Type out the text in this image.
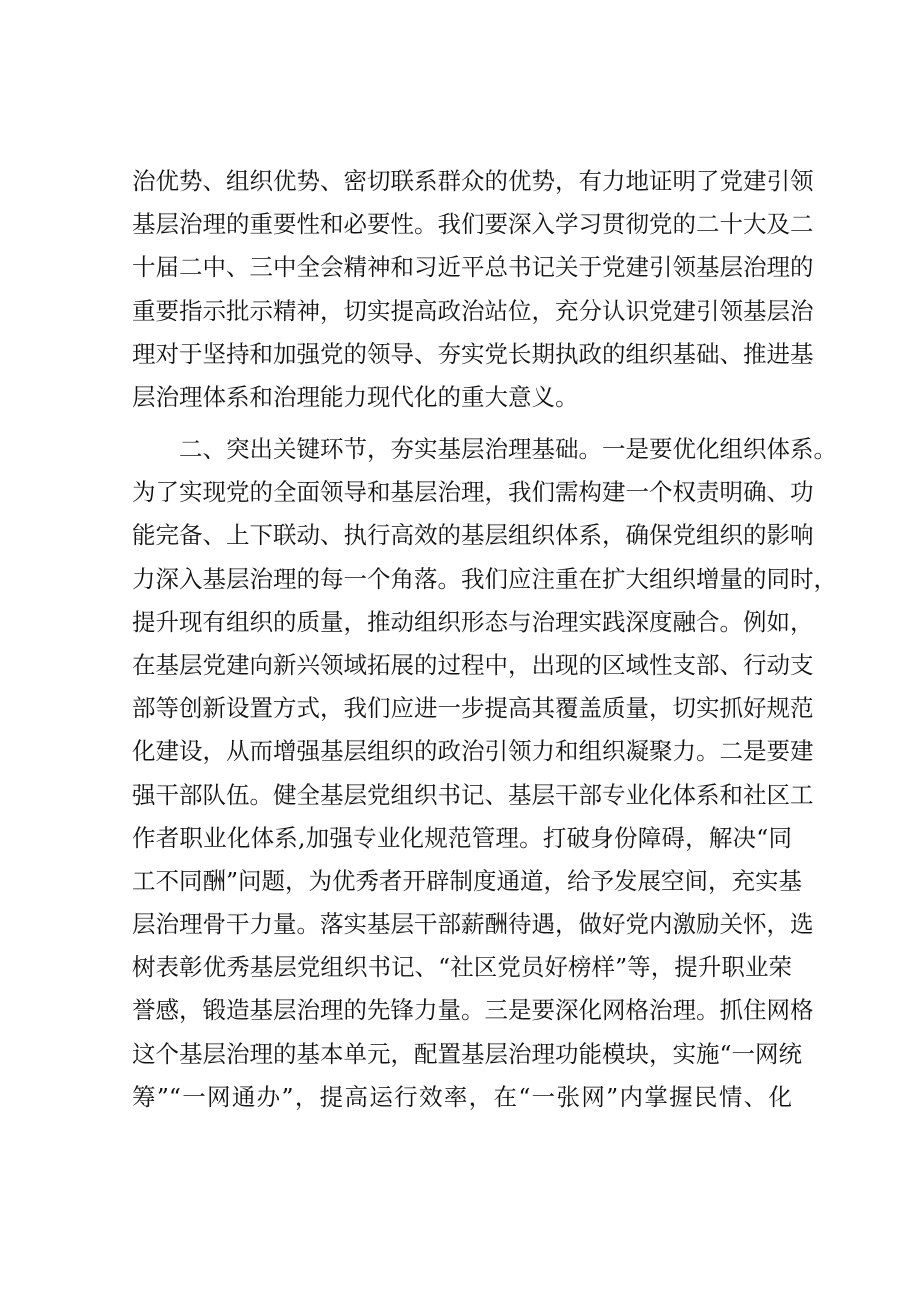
治优势、组织优势、密切联系群众的优势，有力地证明了党建引领
基层治理的重要性和必要性。我们要深入学习贯彻党的二十大及二
十届二中、三中全会精神和习近平总书记关于党建引领基层治理的
重要指示批示精神，切实提高政治站位，充分认识党建引领基层治
理对于坚持和加强党的领导、夯实党长期执政的组织基础、推进基
层治理体系和治理能力现代化的重大意义。
　　二、突出关键环节，夯实基层治理基础。一是要优化组织体系。
为了实现党的全面领导和基层治理，我们需构建一个权责明确、功
能完备、上下联动、执行高效的基层组织体系，确保党组织的影响
力深入基层治理的每一个角落。我们应注重在扩大组织增量的同时，
提升现有组织的质量，推动组织形态与治理实践深度融合。例如，
在基层党建向新兴领域拓展的过程中，出现的区域性支部、行动支
部等创新设置方式，我们应进一步提高其覆盖质量，切实抓好规范
化建设，从而增强基层组织的政治引领力和组织凝聚力。二是要建
强干部队伍。健全基层党组织书记、基层干部专业化体系和社区工
作者职业化体系,加强专业化规范管理。打破身份障碍，解决“同
工不同酬”问题，为优秀者开辟制度通道，给予发展空间，充实基
层治理骨干力量。落实基层干部薪酬待遇，做好党内激励关怀，选
树表彰优秀基层党组织书记、“社区党员好榜样”等，提升职业荣
誉感，锻造基层治理的先锋力量。三是要深化网格治理。抓住网格
这个基层治理的基本单元，配置基层治理功能模块，实施“一网统
筹”“一网通办”，提高运行效率，在“一张网”内掌握民情、化
